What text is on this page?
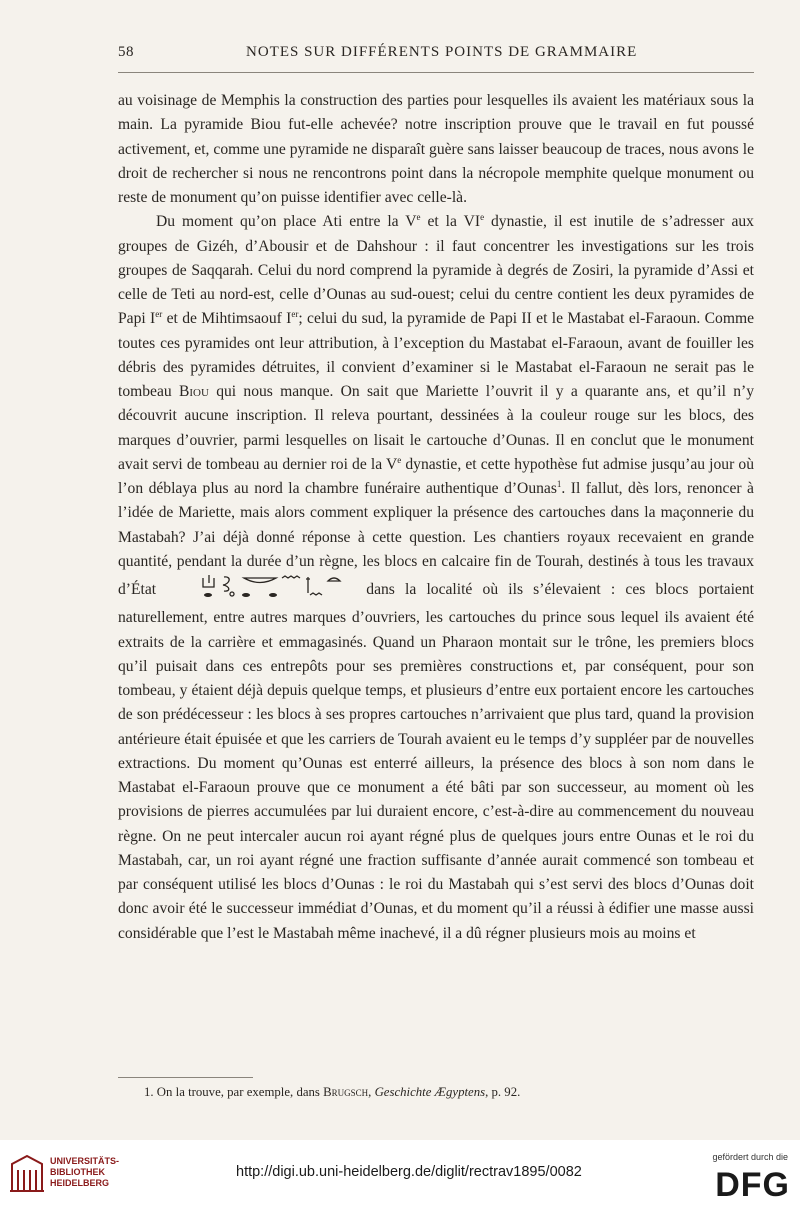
58	NOTES SUR DIFFÉRENTS POINTS DE GRAMMAIRE

au voisinage de Memphis la construction des parties pour lesquelles ils avaient les matériaux sous la main. La pyramide Biou fut-elle achevée? notre inscription prouve que le travail en fut poussé activement, et, comme une pyramide ne disparaît guère sans laisser beaucoup de traces, nous avons le droit de rechercher si nous ne rencontrons point dans la nécropole memphite quelque monument ou reste de monument qu’on puisse identifier avec celle-là.

Du moment qu’on place Ati entre la Ve et la VIe dynastie, il est inutile de s’adresser aux groupes de Gizéh, d’Abousir et de Dahshour : il faut concentrer les investigations sur les trois groupes de Saqqarah. Celui du nord comprend la pyramide à degrés de Zosiri, la pyramide d’Assi et celle de Teti au nord-est, celle d’Ounas au sud-ouest; celui du centre contient les deux pyramides de Papi Ier et de Mihtimsaouf Ier; celui du sud, la pyramide de Papi II et le Mastabat el-Faraoun. Comme toutes ces pyramides ont leur attribution, à l’exception du Mastabat el-Faraoun, avant de fouiller les débris des pyramides détruites, il convient d’examiner si le Mastabat el-Faraoun ne serait pas le tombeau Biou qui nous manque. On sait que Mariette l’ouvrit il y a quarante ans, et qu’il n’y découvrit aucune inscription. Il releva pourtant, dessinées à la couleur rouge sur les blocs, des marques d’ouvrier, parmi lesquelles on lisait le cartouche d’Ounas. Il en conclut que le monument avait servi de tombeau au dernier roi de la Ve dynastie, et cette hypothèse fut admise jusqu’au jour où l’on déblaya plus au nord la chambre funéraire authentique d’Ounas$^1$. Il fallut, dès lors, renoncer à l’idée de Mariette, mais alors comment expliquer la présence des cartouches dans la maçonnerie du Mastabah? J’ai déjà donné réponse à cette question. Les chantiers royaux recevaient en grande quantité, pendant la durée d’un règne, les blocs en calcaire fin de Tourah, destinés à tous les travaux d’État	dans la localité où ils s’élevaient : ces blocs portaient naturellement, entre autres marques d’ouvriers, les cartouches du prince sous lequel ils avaient été extraits de la carrière et emmagasinés. Quand un Pharaon montait sur le trône, les premiers blocs qu’il puisait dans ces entrepôts pour ses premières constructions et, par conséquent, pour son tombeau, y étaient déjà depuis quelque temps, et plusieurs d’entre eux portaient encore les cartouches de son prédécesseur : les blocs à ses propres cartouches n’arrivaient que plus tard, quand la provision antérieure était épuisée et que les carriers de Tourah avaient eu le temps d’y suppléer par de nouvelles extractions. Du moment qu’Ounas est enterré ailleurs, la présence des blocs à son nom dans le Mastabat el-Faraoun prouve que ce monument a été bâti par son successeur, au moment où les provisions de pierres accumulées par lui duraient encore, c’est-à-dire au commencement du nouveau règne. On ne peut intercaler aucun roi ayant régné plus de quelques jours entre Ounas et le roi du Mastabah, car, un roi ayant régné une fraction suffisante d’année aurait commencé son tombeau et par conséquent utilisé les blocs d’Ounas : le roi du Mastabah qui s’est servi des blocs d’Ounas doit donc avoir été le successeur immédiat d’Ounas, et du moment qu’il a réussi à édifier une masse aussi considérable que l’est le Mastabah même inachevé, il a dû régner plusieurs mois au moins et

1. On la trouve, par exemple, dans Brugsch, Geschichte Ægyptens, p. 92.
UNIVERSITÄTS-
BIBLIOTHEK
HEIDELBERG
http://digi.ub.uni-heidelberg.de/diglit/rectrav1895/0082
gefördert durch die
DFG
